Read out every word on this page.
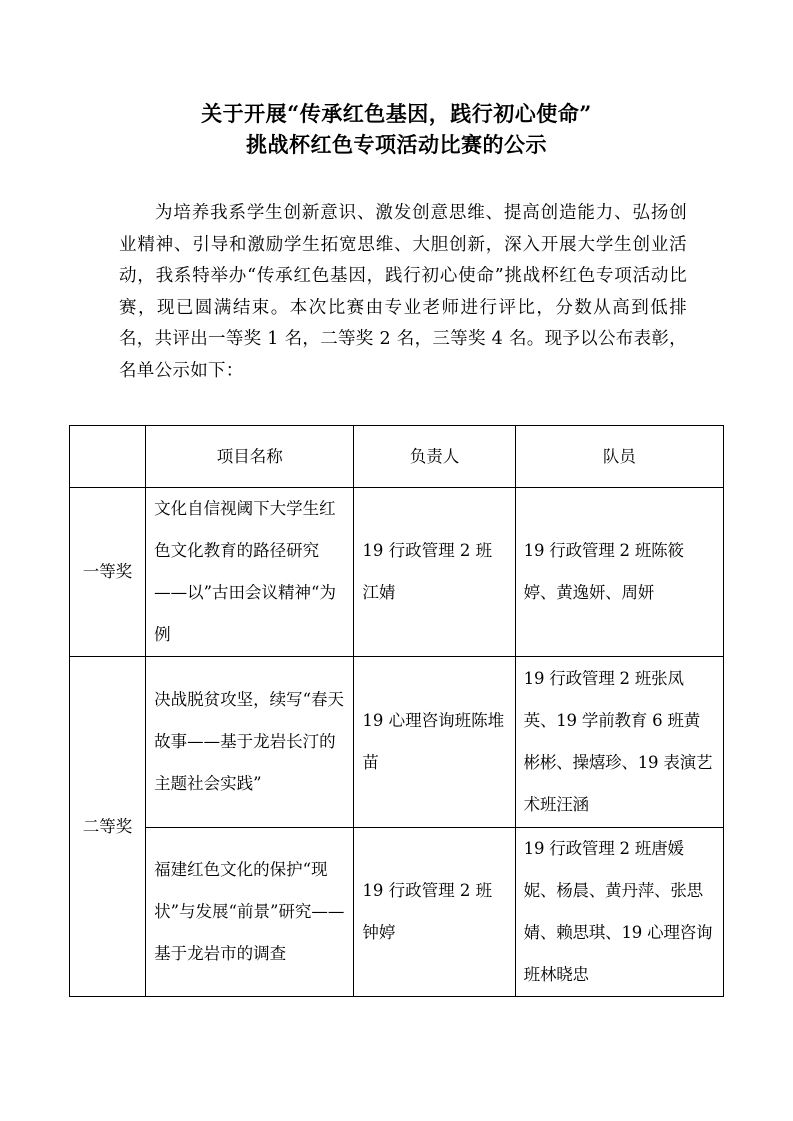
关于开展“传承红色基因，践行初心使命”
挑战杯红色专项活动比赛的公示

为培养我系学生创新意识、激发创意思维、提高创造能力、弘扬创业精神、引导和激励学生拓宽思维、大胆创新，深入开展大学生创业活动，我系特举办“传承红色基因，践行初心使命”挑战杯红色专项活动比赛，现已圆满结束。本次比赛由专业老师进行评比，分数从高到低排名，共评出一等奖 1 名，二等奖 2 名，三等奖 4 名。现予以公布表彰，名单公示如下：

	项目名称	负责人	队员
一等奖	文化自信视阈下大学生红色文化教育的路径研究——以”古田会议精神“为例	19 行政管理 2 班江婧	19 行政管理 2 班陈筱婷、黄逸妍、周妍
二等奖	决战脱贫攻坚，续写“春天故事——基于龙岩长汀的主题社会实践”	19 心理咨询班陈堆苗	19 行政管理 2 班张凤英、19 学前教育 6 班黄彬彬、操熺珍、19 表演艺术班汪涵
	福建红色文化的保护“现状”与发展“前景”研究——基于龙岩市的调查	19 行政管理 2 班钟婷	19 行政管理 2 班唐媛妮、杨晨、黄丹萍、张思婧、赖思琪、19 心理咨询班林晓忠
